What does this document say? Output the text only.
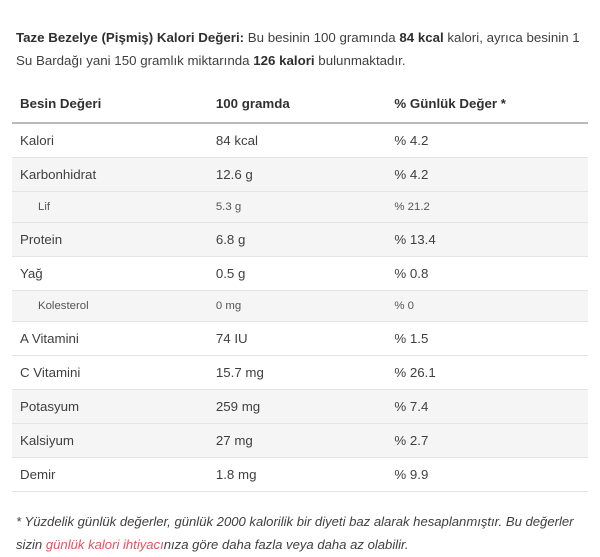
Taze Bezelye (Pişmiş) Kalori Değeri: Bu besinin 100 gramında 84 kcal kalori, ayrıca besinin 1 Su Bardağı yani 150 gramlık miktarında 126 kalori bulunmaktadır.

Besin Değeri	100 gramda	% Günlük Değer *
Kalori	84 kcal	% 4.2
Karbonhidrat	12.6 g	% 4.2
Lif	5.3 g	% 21.2
Protein	6.8 g	% 13.4
Yağ	0.5 g	% 0.8
Kolesterol	0 mg	% 0
A Vitamini	74 IU	% 1.5
C Vitamini	15.7 mg	% 26.1
Potasyum	259 mg	% 7.4
Kalsiyum	27 mg	% 2.7
Demir	1.8 mg	% 9.9

* Yüzdelik günlük değerler, günlük 2000 kalorilik bir diyeti baz alarak hesaplanmıştır. Bu değerler sizin günlük kalori ihtiyacınıza göre daha fazla veya daha az olabilir.
